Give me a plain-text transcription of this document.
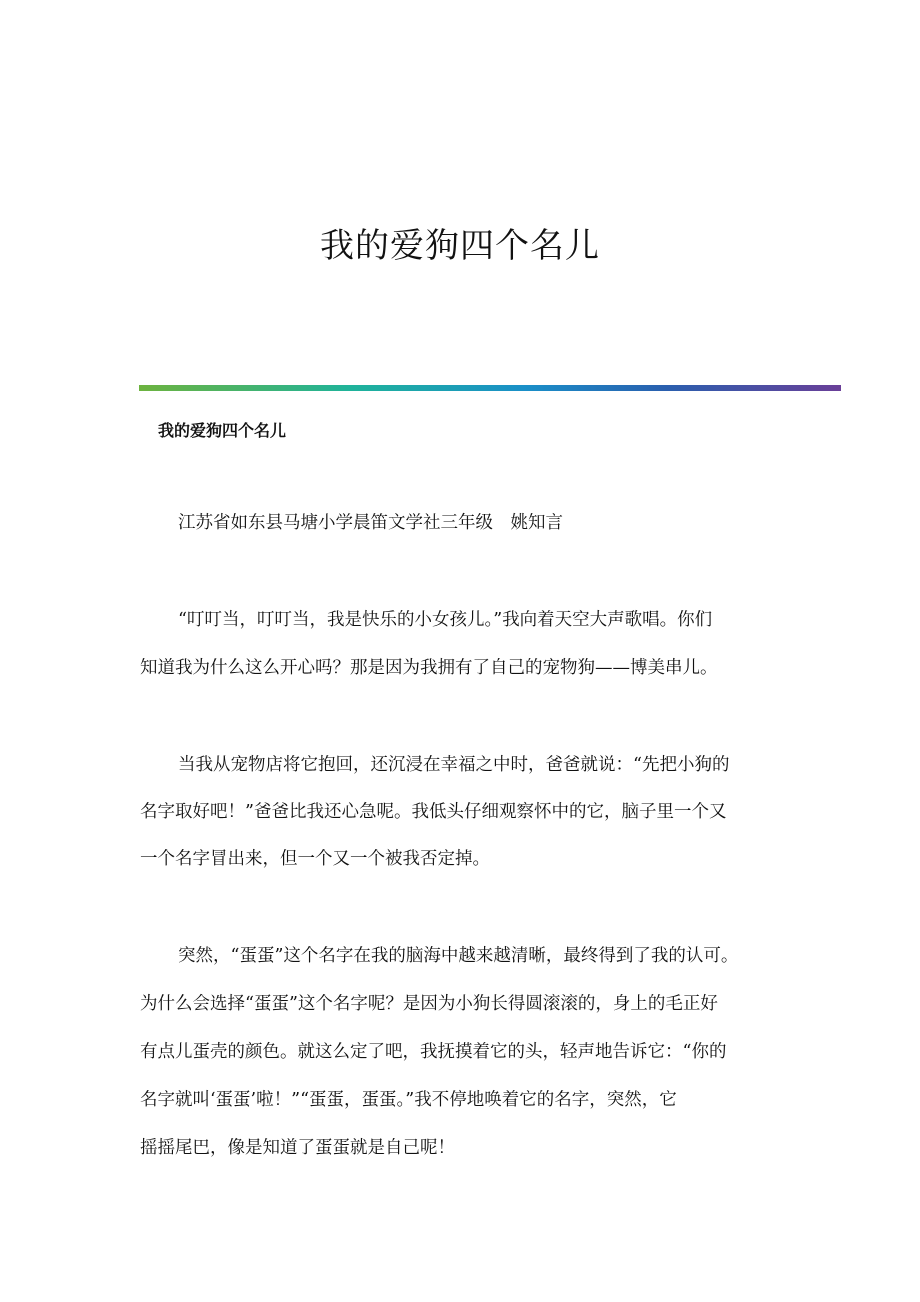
我的爱狗四个名儿
我的爱狗四个名儿
江苏省如东县马塘小学晨笛文学社三年级　姚知言
“叮叮当，叮叮当，我是快乐的小女孩儿。”我向着天空大声歌唱。你们
知道我为什么这么开心吗？那是因为我拥有了自己的宠物狗——博美串儿。
当我从宠物店将它抱回，还沉浸在幸福之中时，爸爸就说：“先把小狗的
名字取好吧！”爸爸比我还心急呢。我低头仔细观察怀中的它，脑子里一个又
一个名字冒出来，但一个又一个被我否定掉。
突然，“蛋蛋”这个名字在我的脑海中越来越清晰，最终得到了我的认可。
为什么会选择“蛋蛋”这个名字呢？是因为小狗长得圆滚滚的，身上的毛正好
有点儿蛋壳的颜色。就这么定了吧，我抚摸着它的头，轻声地告诉它：“你的
名字就叫‘蛋蛋’啦！”“蛋蛋，蛋蛋。”我不停地唤着它的名字，突然，它
摇摇尾巴，像是知道了蛋蛋就是自己呢！
